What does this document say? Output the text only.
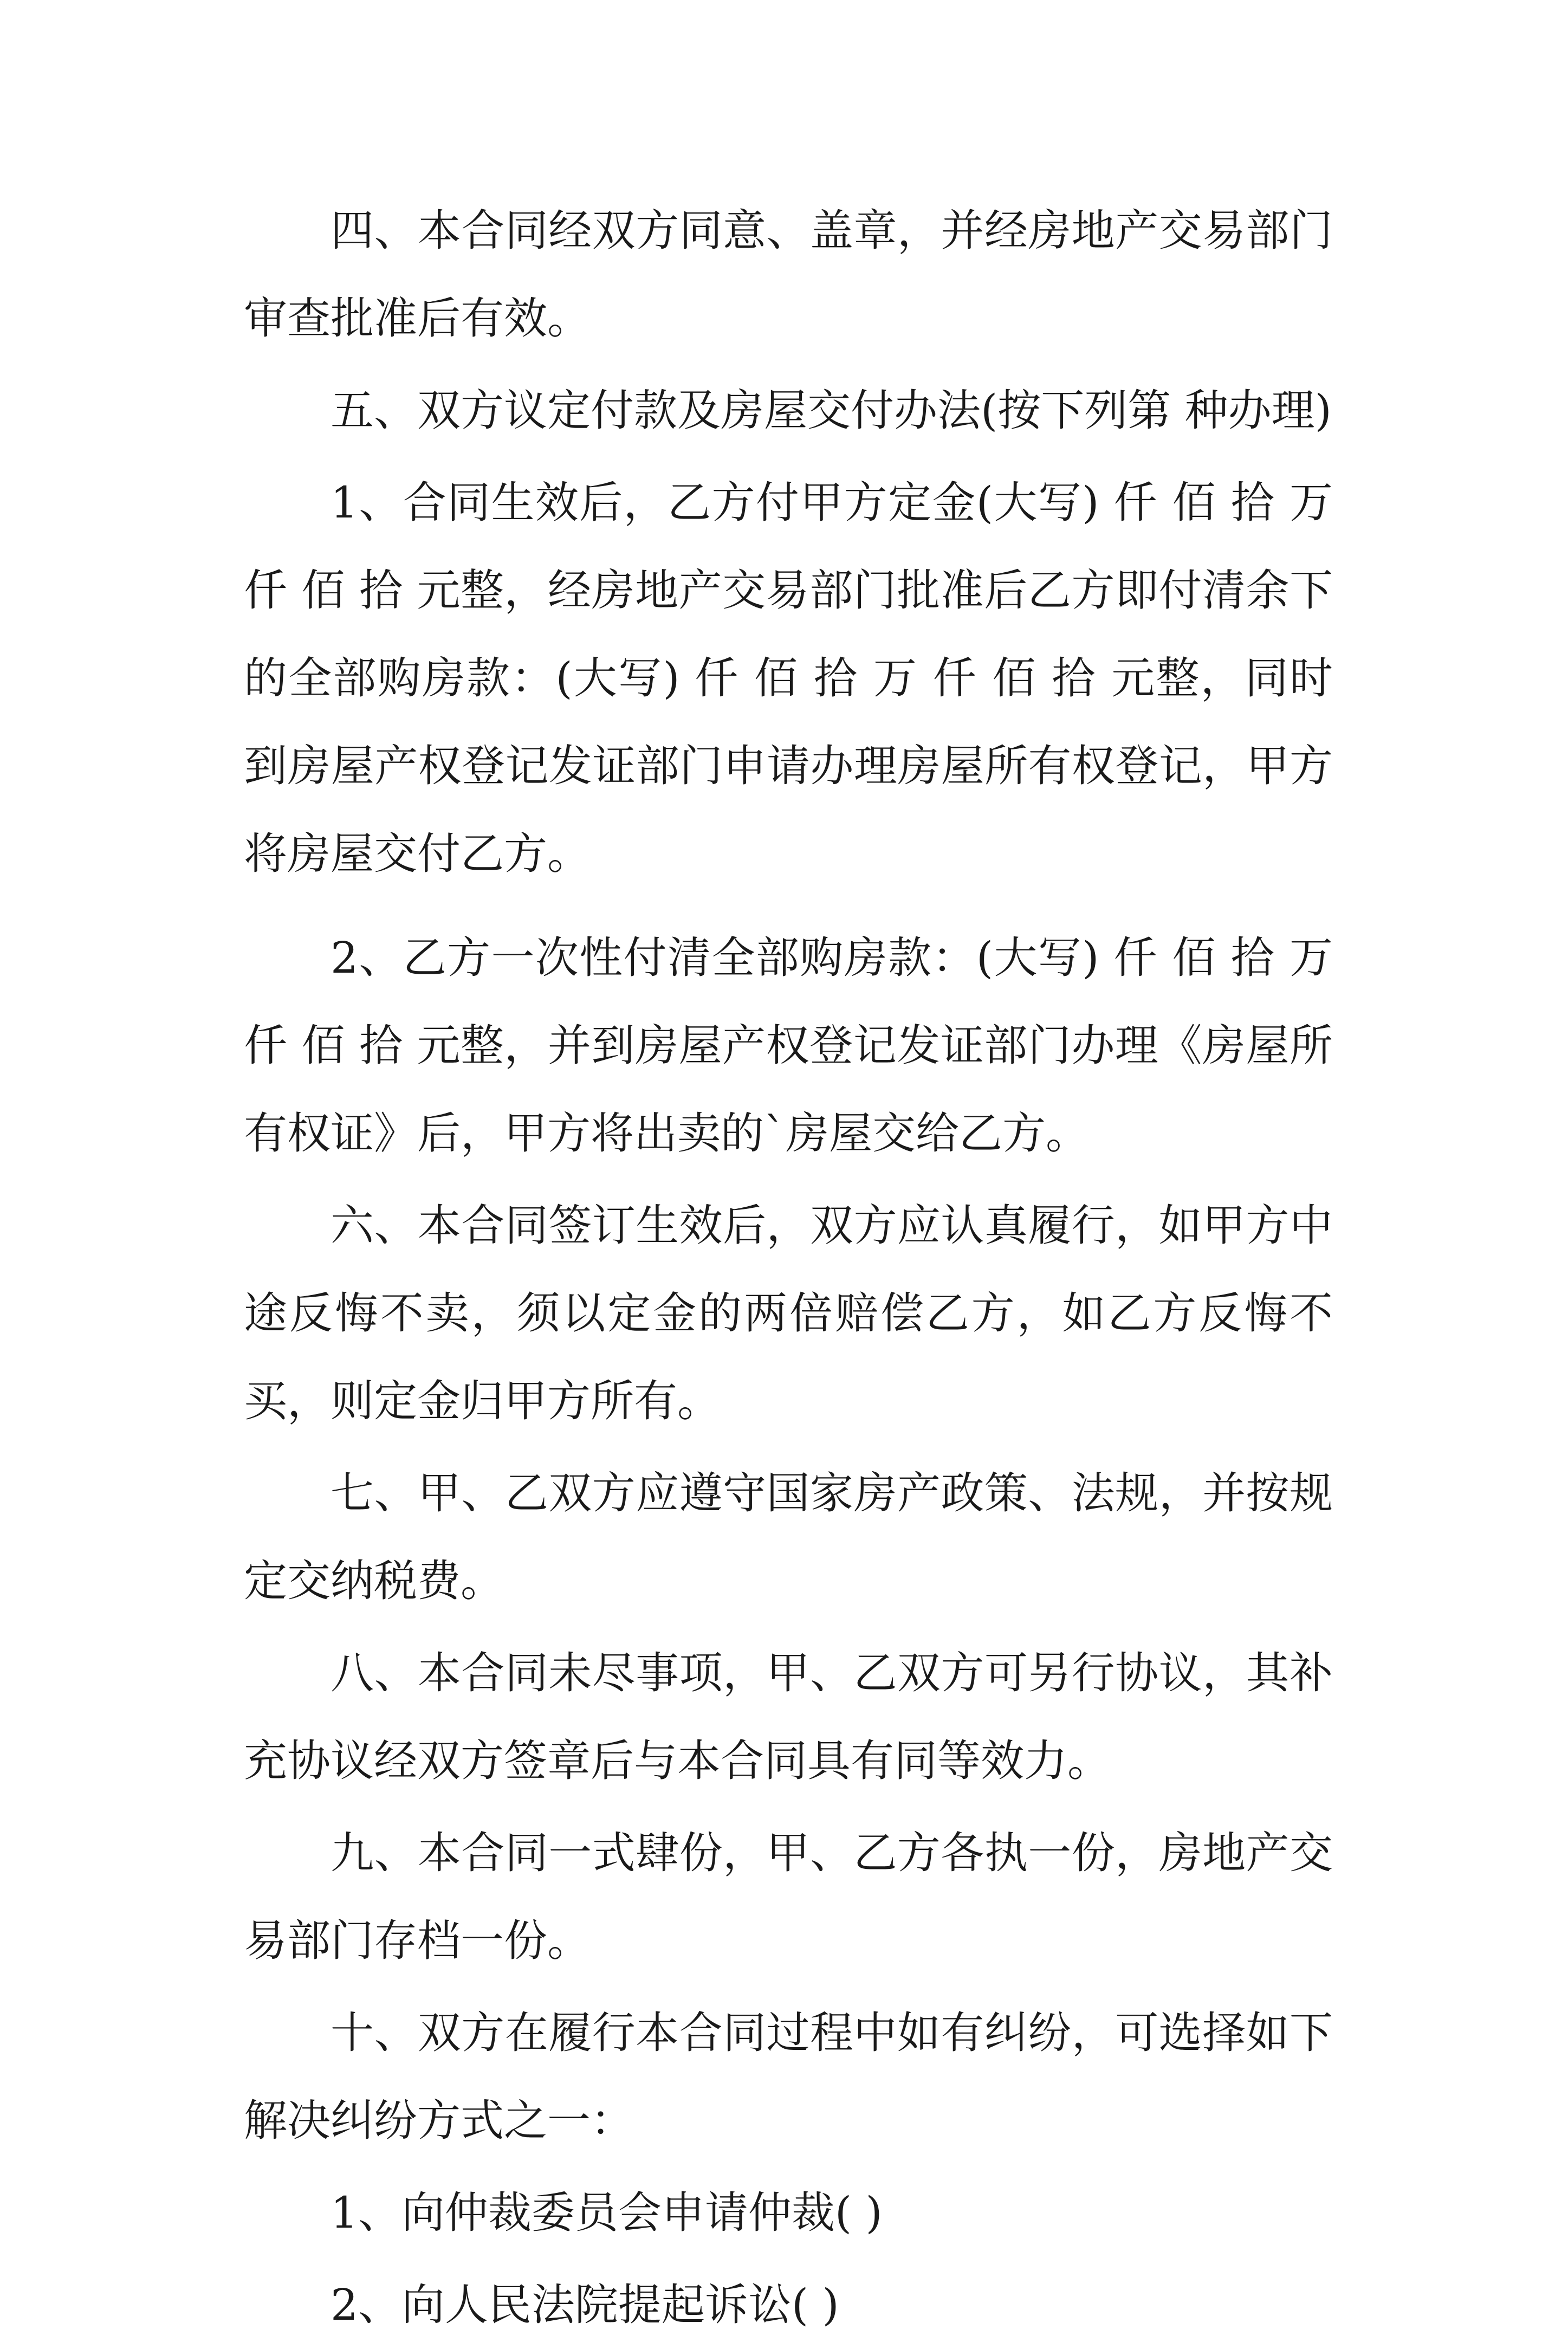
四、本合同经双方同意、盖章，并经房地产交易部门审查批准后有效。

五、双方议定付款及房屋交付办法(按下列第 种办理)

1、合同生效后，乙方付甲方定金(大写) 仟 佰 拾 万 仟 佰 拾 元整，经房地产交易部门批准后乙方即付清余下的全部购房款：(大写) 仟 佰 拾 万 仟 佰 拾 元整，同时到房屋产权登记发证部门申请办理房屋所有权登记，甲方将房屋交付乙方。

2、乙方一次性付清全部购房款：(大写) 仟 佰 拾 万 仟 佰 拾 元整，并到房屋产权登记发证部门办理《房屋所有权证》后，甲方将出卖的`房屋交给乙方。

六、本合同签订生效后，双方应认真履行，如甲方中途反悔不卖，须以定金的两倍赔偿乙方，如乙方反悔不买，则定金归甲方所有。

七、甲、乙双方应遵守国家房产政策、法规，并按规定交纳税费。

八、本合同未尽事项，甲、乙双方可另行协议，其补充协议经双方签章后与本合同具有同等效力。

九、本合同一式肆份，甲、乙方各执一份，房地产交易部门存档一份。

十、双方在履行本合同过程中如有纠纷，可选择如下解决纠纷方式之一：

1、向仲裁委员会申请仲裁( )

2、向人民法院提起诉讼( )
